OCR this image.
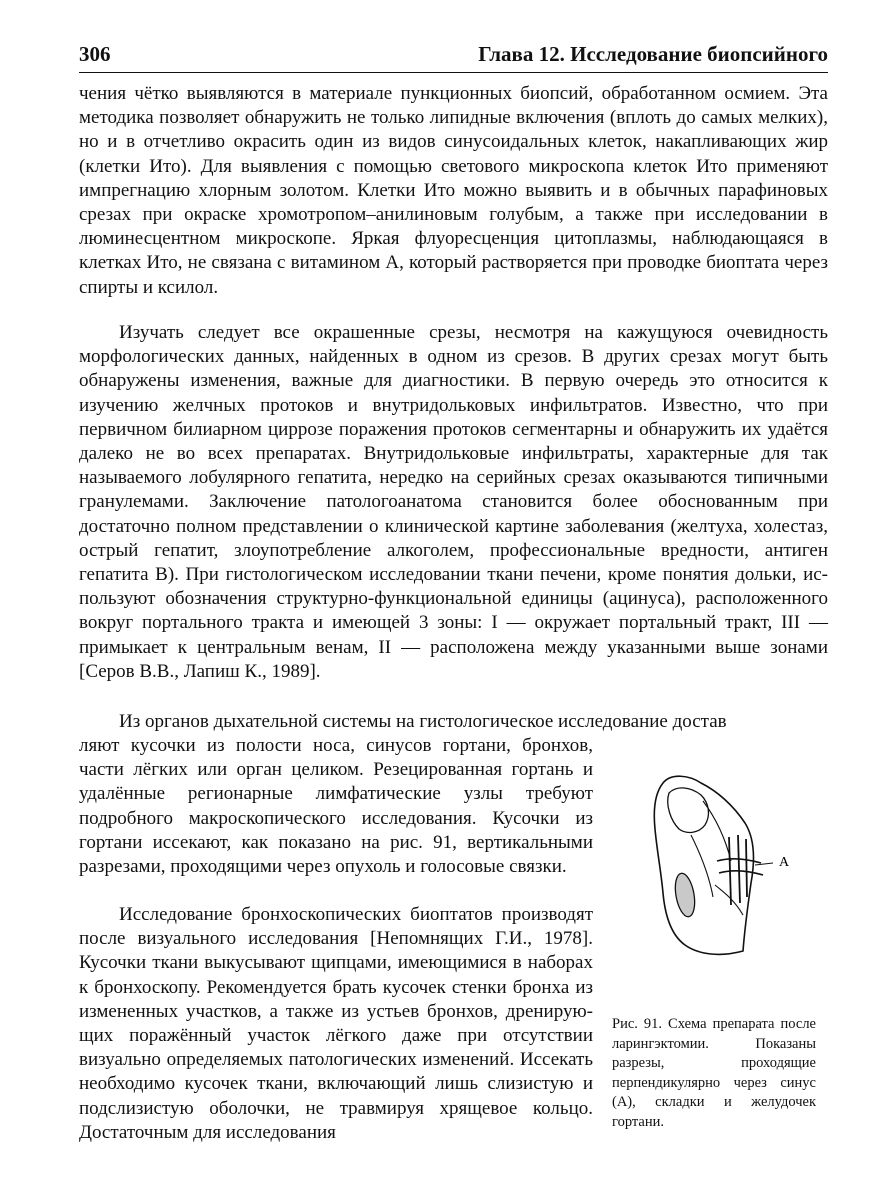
306	Глава 12. Исследование биопсийного

чения чётко выявляются в материале пункционных биопсий, обработанном осмием. Эта методика позволяет обнаружить не только липидные включения (вплоть до самых мелких), но и в отчетливо окрасить один из видов синусоидальных клеток, накапливающих жир (клетки Ито). Для выявления с помощью светового микроскопа клеток Ито применяют импрегнацию хлорным золотом. Клетки Ито можно выявить и в обычных парафиновых срезах при окраске хромотропом–анилиновым голубым, а также при исследовании в люминесцентном микроскопе. Яркая флуоресценция цитоплазмы, наблюдающаяся в клетках Ито, не связана с витамином А, который растворяется при проводке биоптата через спирты и ксилол.

Изучать следует все окрашенные срезы, несмотря на кажущуюся очевидность морфологических данных, найденных в одном из срезов. В других срезах могут быть обнаружены изменения, важные для диагностики. В первую очередь это относится к изучению желчных протоков и внутридольковых инфильтратов. Известно, что при первичном билиарном циррозе поражения протоков сегментарны и обнаружить их удаётся далеко не во всех препаратах. Внутридольковые инфильтраты, характерные для так называемого лобулярного гепатита, нередко на серийных срезах оказываются типичными гранулемами. Заключение патологоанатома становится более обоснованным при достаточно полном представлении о клинической картине заболевания (желтуха, холестаз, острый гепатит, злоупотребление алкоголем, профессиональные вредности, антиген гепатита В). При гистологическом исследовании ткани печени, кроме понятия дольки, используют обозначения структурно-функциональной единицы (ацинуса), расположенного вокруг портального тракта и имеющей 3 зоны: I — окружает портальный тракт, III — примыкает к центральным венам, II — расположена между указанными выше зонами [Серов В.В., Лапиш К., 1989].

Из органов дыхательной системы на гистологическое исследование достав

ляют кусочки из полости носа, синусов гортани, бронхов, части лёгких или орган целиком. Резецированная гортань и удалённые регионарные лимфатические узлы требуют подробного макроскопического исследования. Кусочки из гортани иссекают, как показано на рис. 91, вертикальными разрезами, проходящими через опухоль и голосовые связки.

Исследование бронхоскопических биоптатов производят после визуального исследования [Непомнящих Г.И., 1978]. Кусочки ткани выкусывают щипцами, имеющимися в наборах к бронхоскопу. Рекомендуется брать кусочек стенки бронха из измененных участков, а также из устьев бронхов, дренирующих поражённый участок лёгкого даже при отсутствии визуально определяемых патологических изменений. Иссекать необходимо кусочек ткани, включающий лишь слизистую и подслизистую оболочки, не травмируя хрящевое кольцо. Достаточным для исследования

А

Рис. 91. Схема препарата после ларингэктомии. Показаны разрезы, проходящие перпендикулярно через синус (А), складки и желудочек гортани.
